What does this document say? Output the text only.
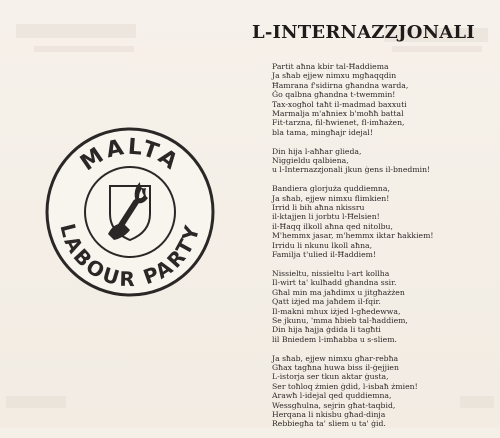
MALTA
LABOUR PARTY
L-INTERNAZZJONALI
Partit aħna kbir tal-Ħaddiema
Ja sħab ejjew nimxu mgħaqqdin
Ħamrana f'sidirna għandna warda,
Ġo qalbna għandna t-twemmin!
Tax-xogħol taħt il-madmad baxxuti
Marmalja m'aħniex b'moħħ battal
Fit-tarzna, fil-ħwienet, fl-imħażen,
bla tama, mingħajr idejal!
Din hija l-aħħar glieda,
Niggieldu qalbiena,
u l-Internazzjonali jkun ġens il-bnedmin!
Bandiera glorjuża quddiemna,
Ja sħab, ejjew nimxu flimkien!
Irrid li bih aħna nkissru
il-ktajjen li jorbtu l-Ħelsien!
il-Ħaqq ilkoll aħna qed nitolbu,
M'hemmx jasar, m'hemmx iktar ħakkiem!
Irridu li nkunu lkoll aħna,
Familja t'ulied il-Ħaddiem!
Nissieltu, nissieltu l-art kollha
Il-wirt ta' kulħadd għandna ssir.
Għal min ma jaħdimx u jitgħażżen
Qatt iżjed ma jaħdem il-fqir.
Il-makni mhux iżjed l-għedewwa,
Se jkunu, 'mma ħbieb tal-ħaddiem,
Din hija ħajja ġdida li tagħti
lil Bniedem l-imħabba u s-sliem.
Ja sħab, ejjew nimxu għar-rebħa
Għax tagħna huwa biss il-ġejjien
L-istorja ser tkun aktar ġusta,
Ser toħloq żmien ġdid, l-isbaħ żmien!
Arawħ l-idejal qed quddiemna,
Wessgħulna, sejrin għat-taqbid,
Herqana li nkisbu għad-dinja
Rebbiegħa ta' sliem u ta' ġid.
